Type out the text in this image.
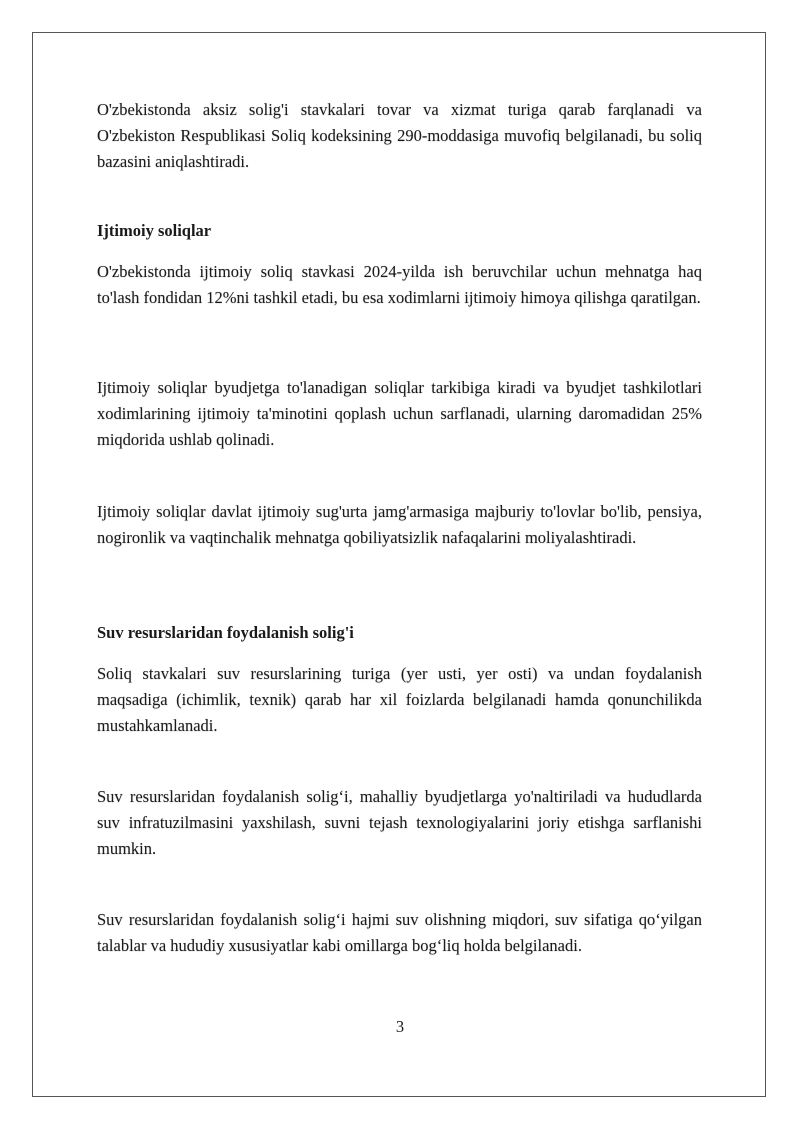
O'zbekistonda aksiz solig'i stavkalari tovar va xizmat turiga qarab farqlanadi va O'zbekiston Respublikasi Soliq kodeksining 290-moddasiga muvofiq belgilanadi, bu soliq bazasini aniqlashtiradi.

Ijtimoiy soliqlar

O'zbekistonda ijtimoiy soliq stavkasi 2024-yilda ish beruvchilar uchun mehnatga haq to'lash fondidan 12%ni tashkil etadi, bu esa xodimlarni ijtimoiy himoya qilishga qaratilgan.

Ijtimoiy soliqlar byudjetga to'lanadigan soliqlar tarkibiga kiradi va byudjet tashkilotlari xodimlarining ijtimoiy ta'minotini qoplash uchun sarflanadi, ularning daromadidan 25% miqdorida ushlab qolinadi.

Ijtimoiy soliqlar davlat ijtimoiy sug'urta jamg'armasiga majburiy to'lovlar bo'lib, pensiya, nogironlik va vaqtinchalik mehnatga qobiliyatsizlik nafaqalarini moliyalashtiradi.

Suv resurslaridan foydalanish solig'i

Soliq stavkalari suv resurslarining turiga (yer usti, yer osti) va undan foydalanish maqsadiga (ichimlik, texnik) qarab har xil foizlarda belgilanadi hamda qonunchilikda mustahkamlanadi.

Suv resurslaridan foydalanish solig‘i, mahalliy byudjetlarga yo'naltiriladi va hududlarda suv infratuzilmasini yaxshilash, suvni tejash texnologiyalarini joriy etishga sarflanishi mumkin.

Suv resurslaridan foydalanish solig‘i hajmi suv olishning miqdori, suv sifatiga qo‘yilgan talablar va hududiy xususiyatlar kabi omillarga bog‘liq holda belgilanadi.

3
